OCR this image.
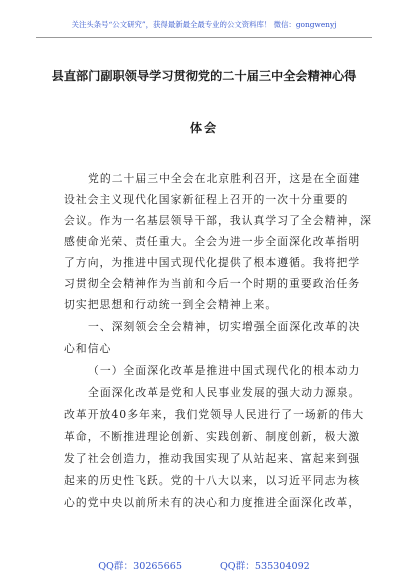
关注头条号“公文研究”，获得最新最全最专业的公文资料库！ 微信：gongwenyj
县直部门副职领导学习贯彻党的二十届三中全会精神心得
体会
党的二十届三中全会在北京胜利召开，这是在全面建
设社会主义现代化国家新征程上召开的一次十分重要的
会议。作为一名基层领导干部，我认真学习了全会精神，深
感使命光荣、责任重大。全会为进一步全面深化改革指明
了方向，为推进中国式现代化提供了根本遵循。我将把学
习贯彻全会精神作为当前和今后一个时期的重要政治任务
切实把思想和行动统一到全会精神上来。
一、深刻领会全会精神，切实增强全面深化改革的决
心和信心
（一）全面深化改革是推进中国式现代化的根本动力
全面深化改革是党和人民事业发展的强大动力源泉。
改革开放40多年来，我们党领导人民进行了一场新的伟大
革命，不断推进理论创新、实践创新、制度创新，极大激
发了社会创造力，推动我国实现了从站起来、富起来到强
起来的历史性飞跃。党的十八大以来，以习近平同志为核
心的党中央以前所未有的决心和力度推进全面深化改革，
QQ群：30265665	QQ群：535304092
